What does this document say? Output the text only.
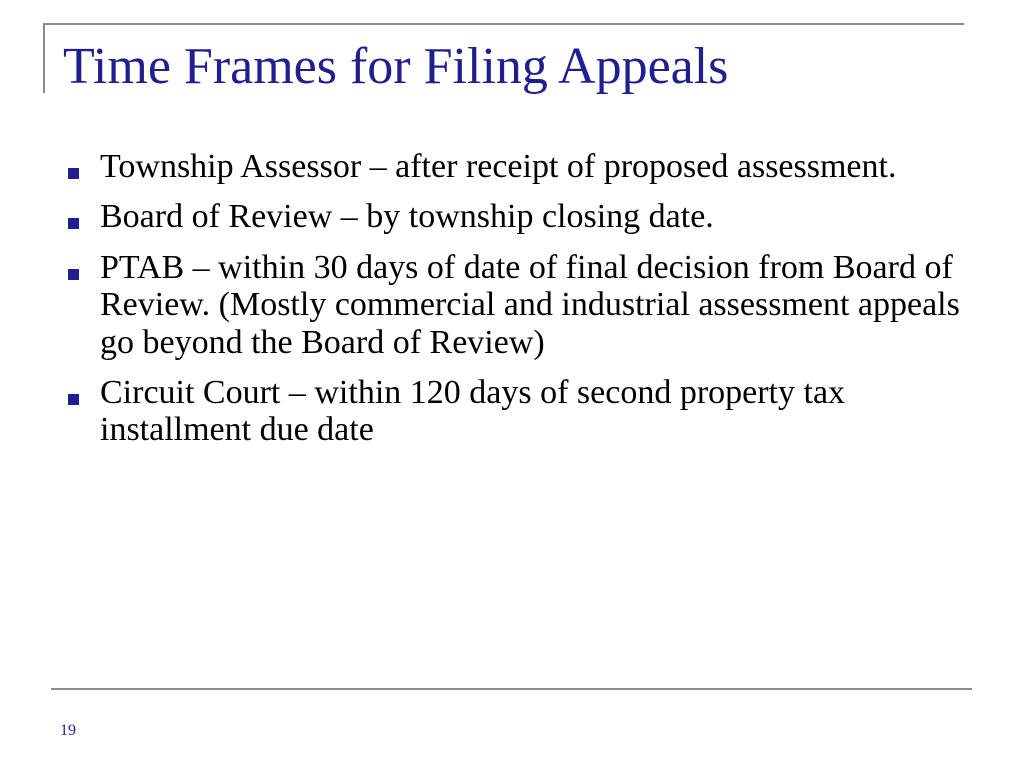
Time Frames for Filing Appeals
Township Assessor – after receipt of proposed assessment.
Board of Review – by township closing date.
PTAB – within 30 days of date of final decision from Board of Review. (Mostly commercial and industrial assessment appeals go beyond the Board of Review)
Circuit Court – within 120 days of second property tax installment due date
19
